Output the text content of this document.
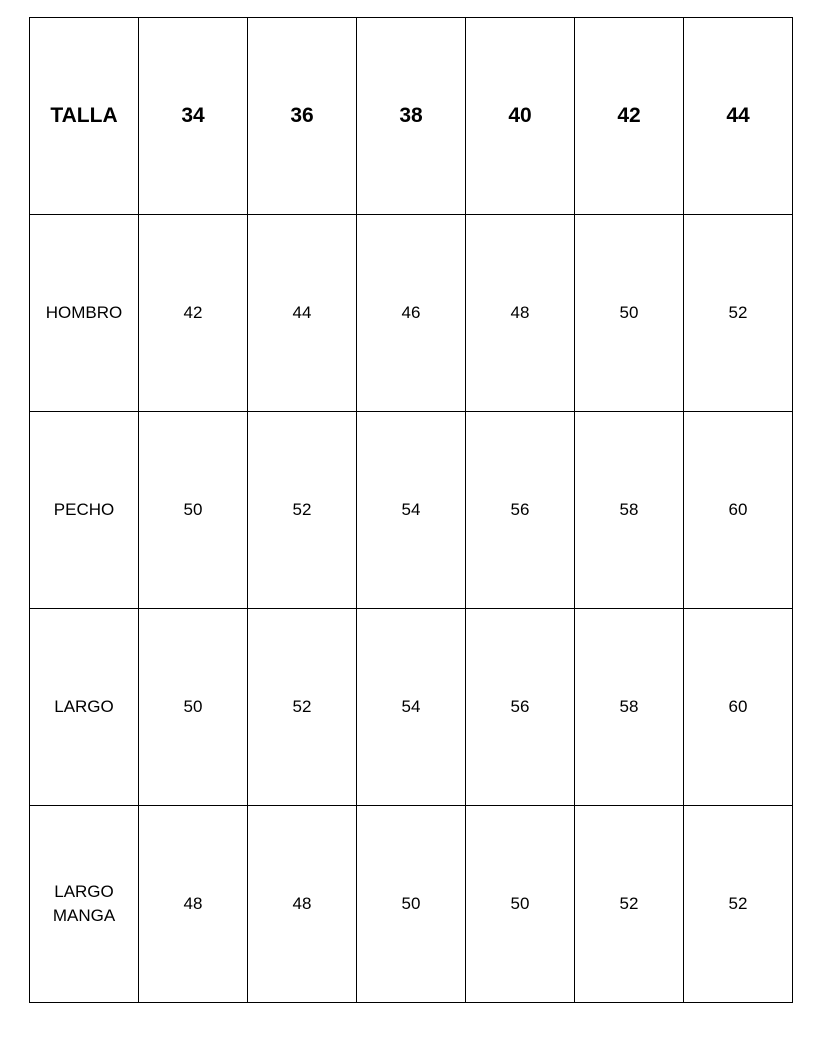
TALLA	34	36	38	40	42	44

HOMBRO	42	44	46	48	50	52

PECHO	50	52	54	56	58	60

LARGO	50	52	54	56	58	60

LARGO
MANGA	48	48	50	50	52	52
